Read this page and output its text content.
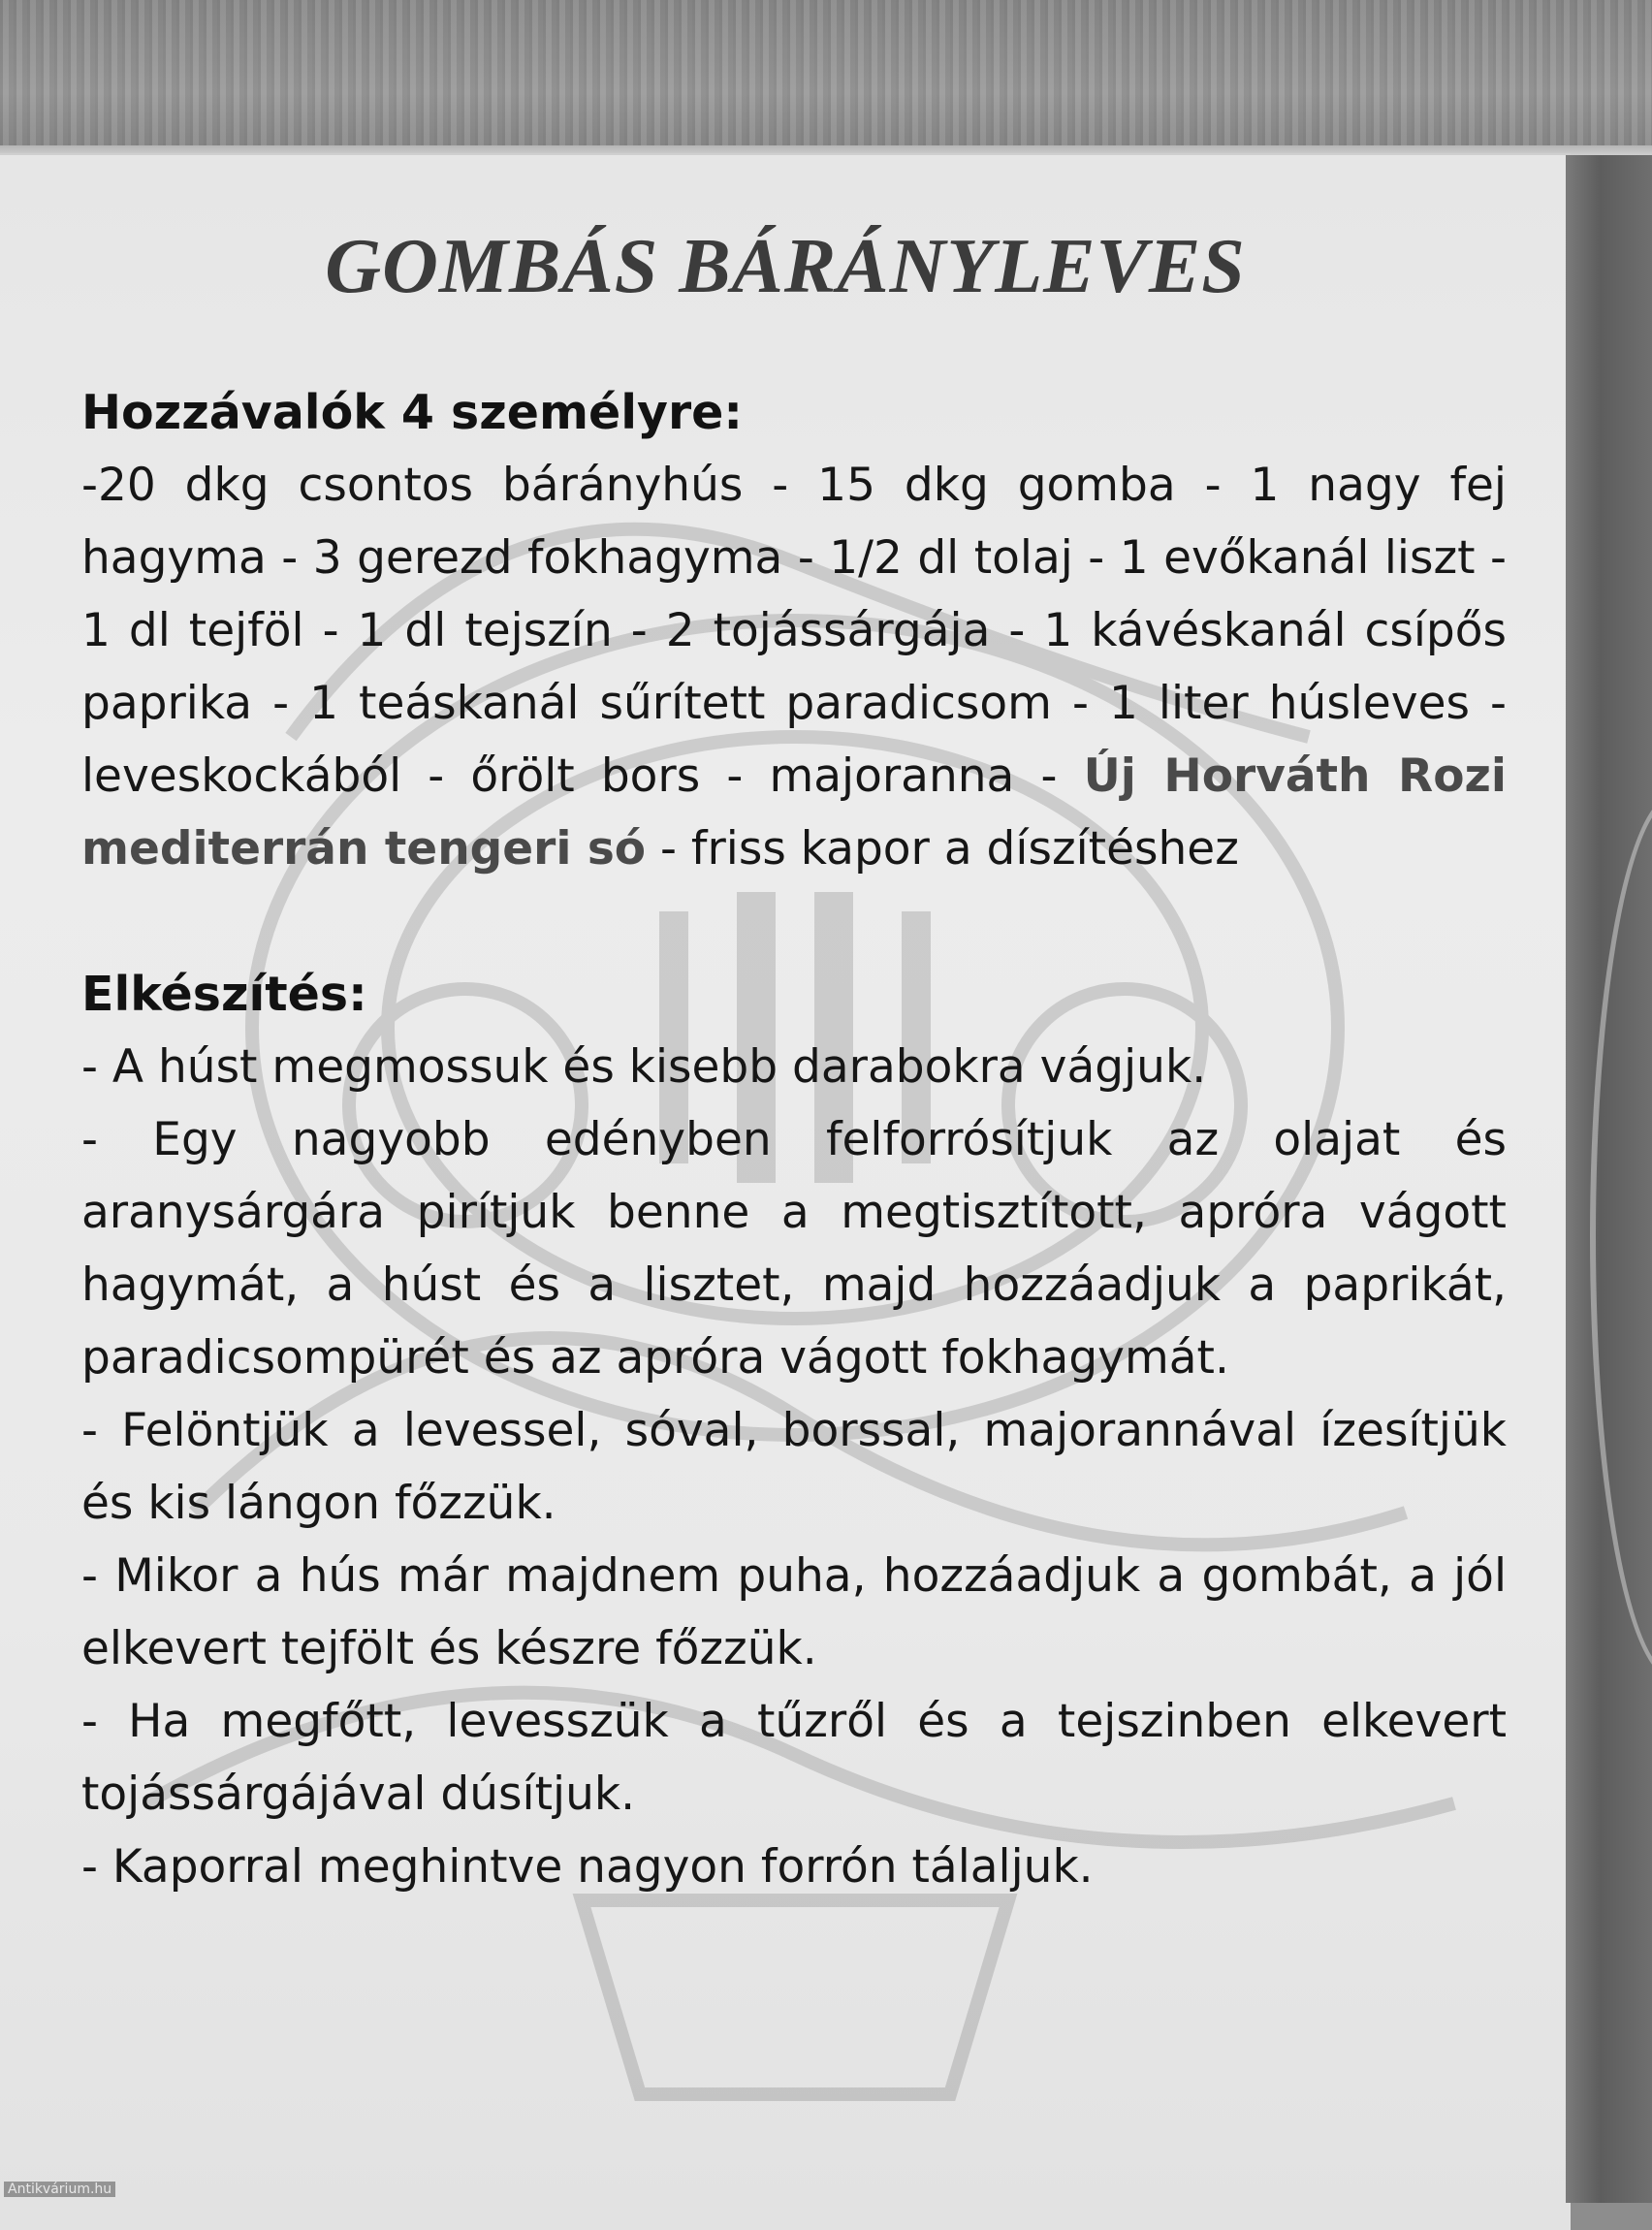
GOMBÁS BÁRÁNYLEVES
Hozzávalók 4 személyre:

-20 dkg csontos bárányhús - 15 dkg gomba - 1 nagy fej hagyma - 3 gerezd fokhagyma - 1/2 dl tolaj - 1 evőkanál liszt - 1 dl tejföl - 1 dl tejszín - 2 tojássárgája - 1 kávéskanál csípős paprika - 1 teáskanál sűrített paradicsom - 1 liter húsleves -leveskockából - őrölt bors - majoranna - Új Horváth Rozi mediterrán tengeri só - friss kapor a díszítéshez

Elkészítés:
- A húst megmossuk és kisebb darabokra vágjuk.
- Egy nagyobb edényben felforrósítjuk az olajat és aranysárgára pirítjuk benne a megtisztított, apróra vágott hagymát, a húst és a lisztet, majd hozzáadjuk a paprikát, paradicsompürét és az apróra vágott fokhagymát.
- Felöntjük a levessel, sóval, borssal, majorannával ízesítjük és kis lángon főzzük.
- Mikor a hús már majdnem puha, hozzáadjuk a gombát, a jól elkevert tejfölt és készre főzzük.
- Ha megfőtt, levesszük a tűzről és a tejszinben elkevert tojássárgájával dúsítjuk.
- Kaporral meghintve nagyon forrón tálaljuk.
Antikvárium.hu
